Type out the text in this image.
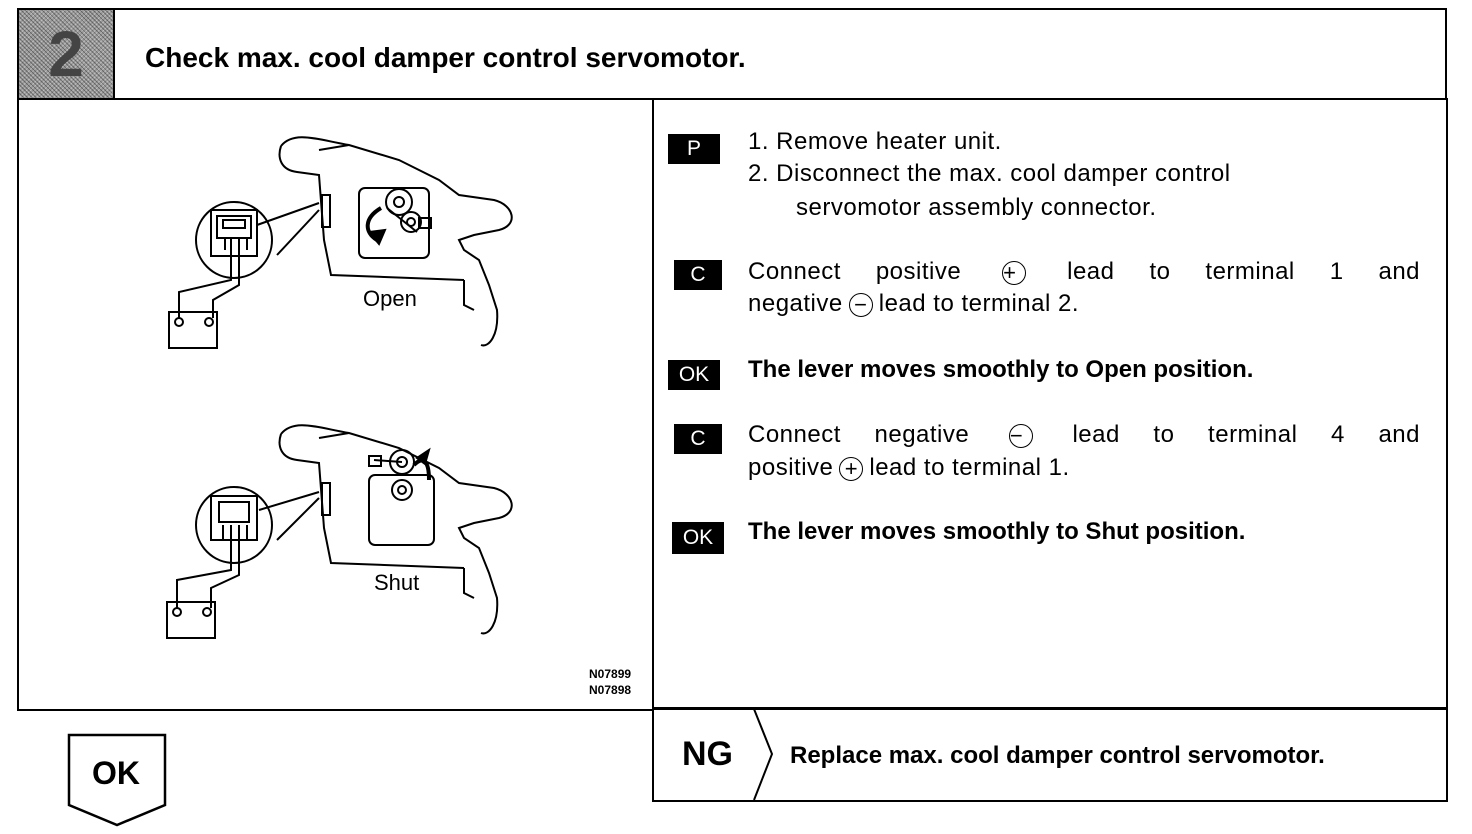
2 Check max. cool damper control servomotor.
Open
Shut
N07899
N07898
P	1. Remove heater unit.
2. Disconnect the max. cool damper control
servomotor assembly connector.
C	Connect positive + lead to terminal 1 and
negative − lead to terminal 2.
OK	The lever moves smoothly to Open position.
C	Connect negative − lead to terminal 4 and
positive + lead to terminal 1.
OK	The lever moves smoothly to Shut position.
OK	NG Replace max. cool damper control servomotor.
